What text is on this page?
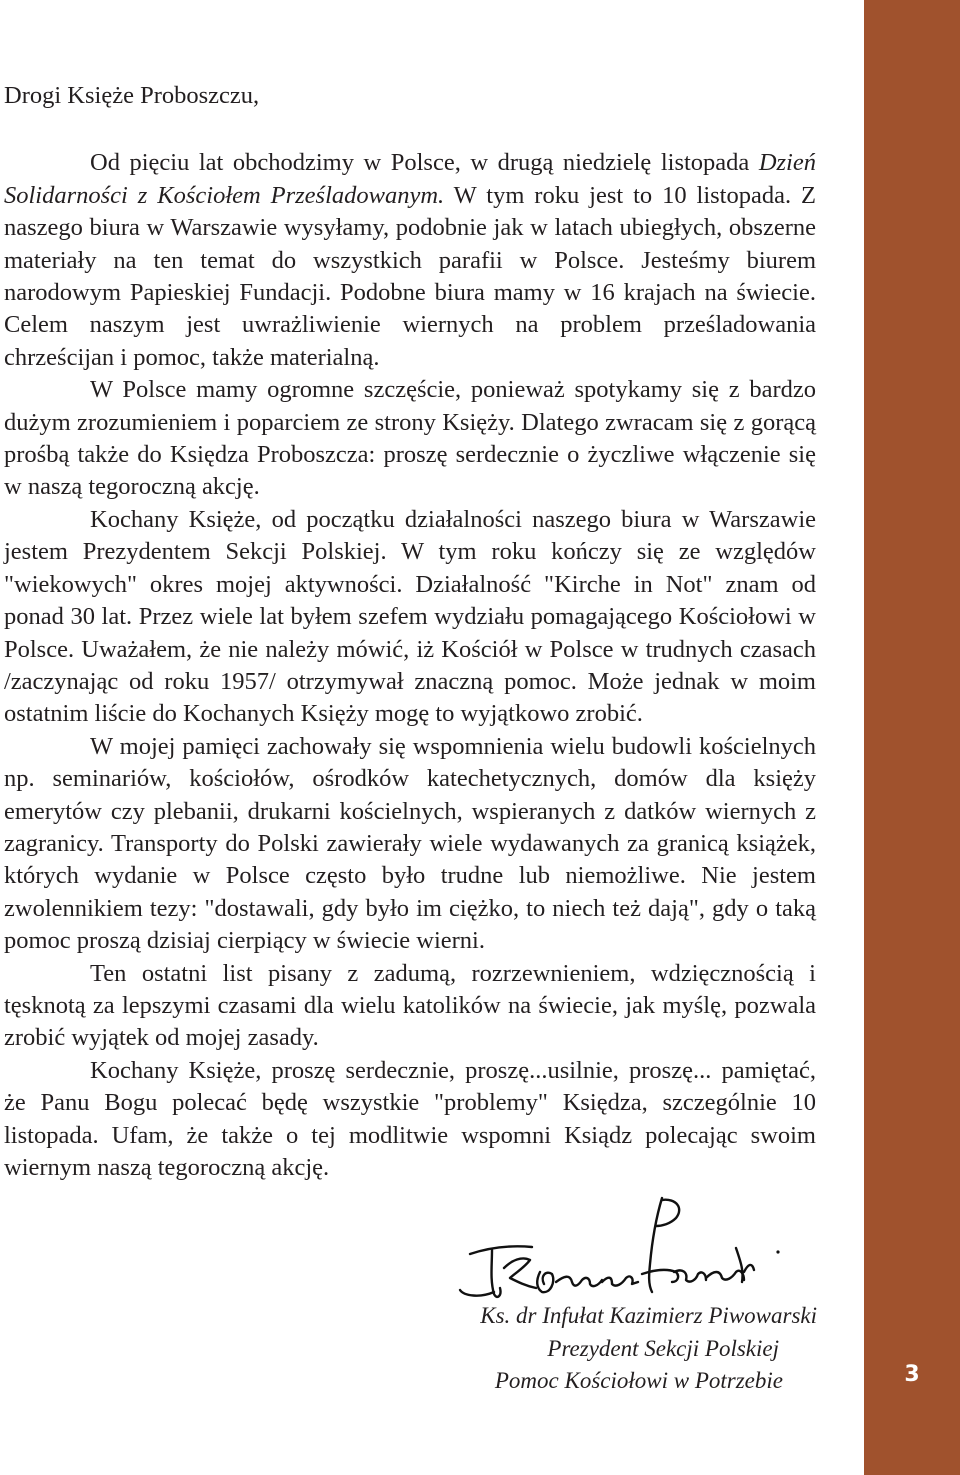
Drogi Księże Proboszczu,

Od pięciu lat obchodzimy w Polsce, w drugą niedzielę listopada Dzień Solidarności z Kościołem Prześladowanym. W tym roku jest to 10 listopada. Z naszego biura w Warszawie wysyłamy, podobnie jak w latach ubiegłych, obszerne materiały na ten temat do wszystkich parafii w Polsce. Jesteśmy biurem narodowym Papieskiej Fundacji. Podobne biura mamy w 16 krajach na świecie. Celem naszym jest uwrażliwienie wiernych na problem prześladowania chrześcijan i pomoc, także materialną.

W Polsce mamy ogromne szczęście, ponieważ spotykamy się z bardzo dużym zrozumieniem i poparciem ze strony Księży. Dlatego zwracam się z gorącą prośbą także do Księdza Proboszcza: proszę serdecznie o życzliwe włączenie się w naszą tegoroczną akcję.

Kochany Księże, od początku działalności naszego biura w Warszawie jestem Prezydentem Sekcji Polskiej. W tym roku kończy się ze względów "wiekowych" okres mojej aktywności. Działalność "Kirche in Not" znam od ponad 30 lat. Przez wiele lat byłem szefem wydziału pomagającego Kościołowi w Polsce. Uważałem, że nie należy mówić, iż Kościół w Polsce w trudnych czasach /zaczynając od roku 1957/ otrzymywał znaczną pomoc. Może jednak w moim ostatnim liście do Kochanych Księży mogę to wyjątkowo zrobić.

W mojej pamięci zachowały się wspomnienia wielu budowli kościelnych np. seminariów, kościołów, ośrodków katechetycznych, domów dla księży emerytów czy plebanii, drukarni kościelnych, wspieranych z datków wiernych z zagranicy. Transporty do Polski zawierały wiele wydawanych za granicą książek, których wydanie w Polsce często było trudne lub niemożliwe. Nie jestem zwolennikiem tezy: "dostawali, gdy było im ciężko, to niech też dają", gdy o taką pomoc proszą dzisiaj cierpiący w świecie wierni.

Ten ostatni list pisany z zadumą, rozrzewnieniem, wdzięcznością i tęsknotą za lepszymi czasami dla wielu katolików na świecie, jak myślę, pozwala zrobić wyjątek od mojej zasady.

Kochany Księże, proszę serdecznie, proszę...usilnie, proszę... pamiętać, że Panu Bogu polecać będę wszystkie "problemy" Księdza, szczególnie 10 listopada. Ufam, że także o tej modlitwie wspomni Ksiądz polecając swoim wiernym naszą tegoroczną akcję.

Ks. dr Infułat Kazimierz Piwowarski
Prezydent Sekcji Polskiej
Pomoc Kościołowi w Potrzebie	3
